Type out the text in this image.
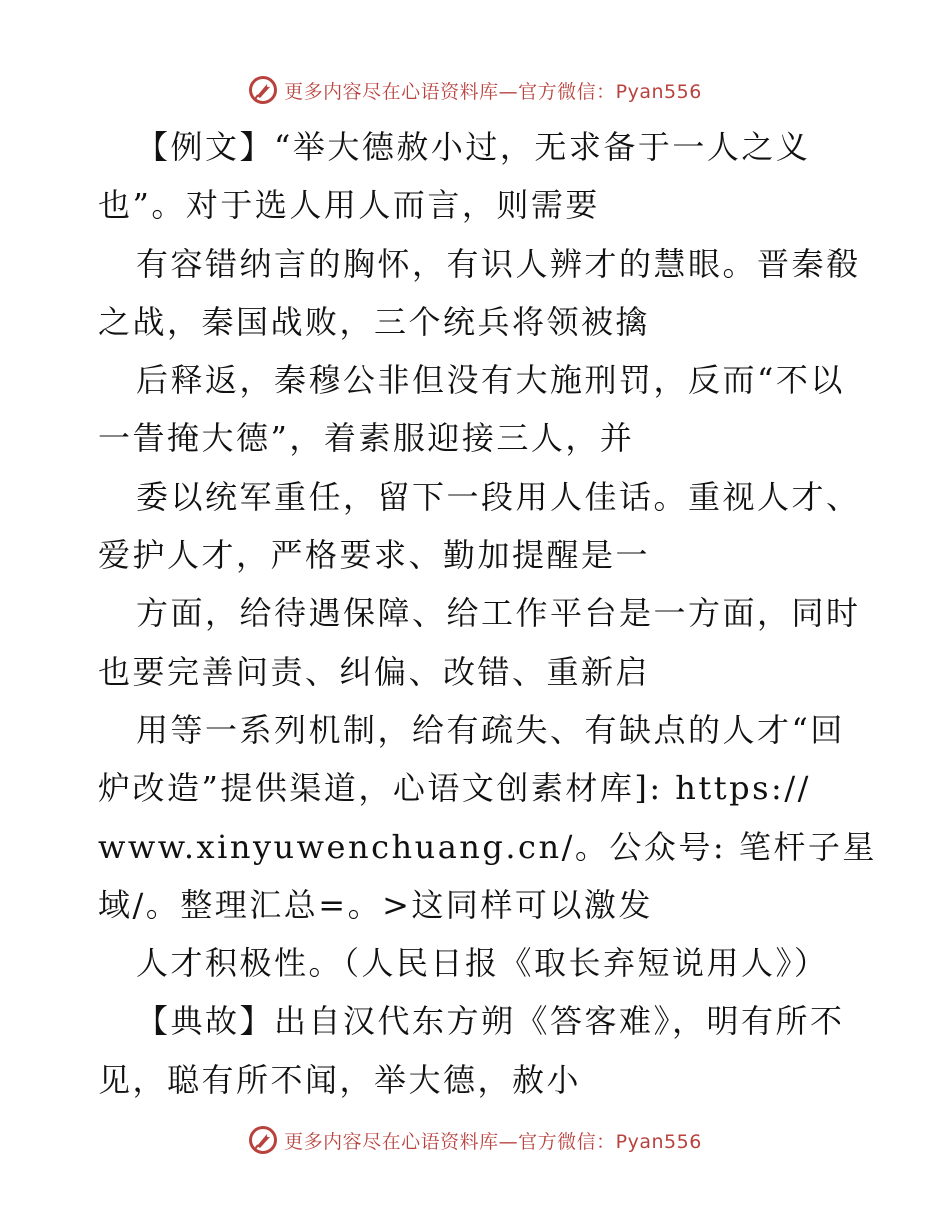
更多内容尽在心语资料库—官方微信：Pyan556
【例文】“举大德赦小过，无求备于一人之义
也”。对于选人用人而言，则需要
有容错纳言的胸怀，有识人辨才的慧眼。晋秦殽
之战，秦国战败，三个统兵将领被擒
后释返，秦穆公非但没有大施刑罚，反而“不以
一眚掩大德”，着素服迎接三人，并
委以统军重任，留下一段用人佳话。重视人才、
爱护人才，严格要求、勤加提醒是一
方面，给待遇保障、给工作平台是一方面，同时
也要完善问责、纠偏、改错、重新启
用等一系列机制，给有疏失、有缺点的人才“回
炉改造”提供渠道，心语文创素材库]: https://
www.xinyuwenchuang.cn/。公众号: 笔杆子星
域/。整理汇总=。>这同样可以激发
人才积极性。（人民日报《取长弃短说用人》）
【典故】出自汉代东方朔《答客难》，明有所不
见，聪有所不闻，举大德，赦小
更多内容尽在心语资料库—官方微信：Pyan556
